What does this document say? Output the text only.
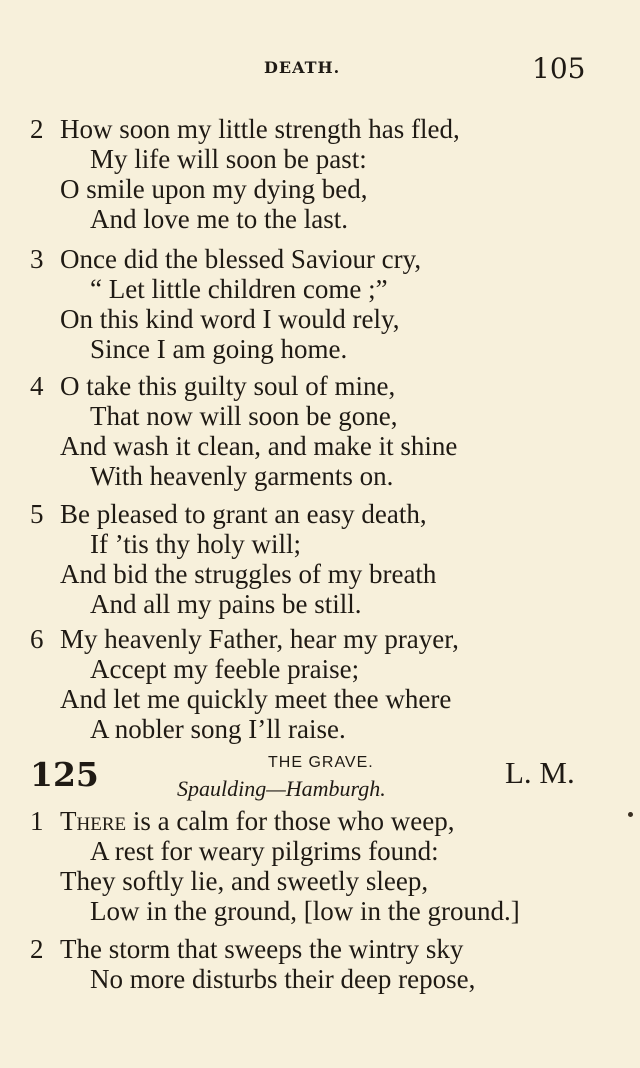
DEATH.	105
2 How soon my little strength has fled,
My life will soon be past:
O smile upon my dying bed,
And love me to the last.
3 Once did the blessed Saviour cry,
“ Let little children come ;”
On this kind word I would rely,
Since I am going home.
4 O take this guilty soul of mine,
That now will soon be gone,
And wash it clean, and make it shine
With heavenly garments on.
5 Be pleased to grant an easy death,
If ’tis thy holy will;
And bid the struggles of my breath
And all my pains be still.
6 My heavenly Father, hear my prayer,
Accept my feeble praise;
And let me quickly meet thee where
A nobler song I’ll raise.
125	THE GRAVE.
Spaulding—Hamburgh.	L. M.
1 There is a calm for those who weep,
A rest for weary pilgrims found:
They softly lie, and sweetly sleep,
Low in the ground, [low in the ground.]
2 The storm that sweeps the wintry sky
No more disturbs their deep repose,
